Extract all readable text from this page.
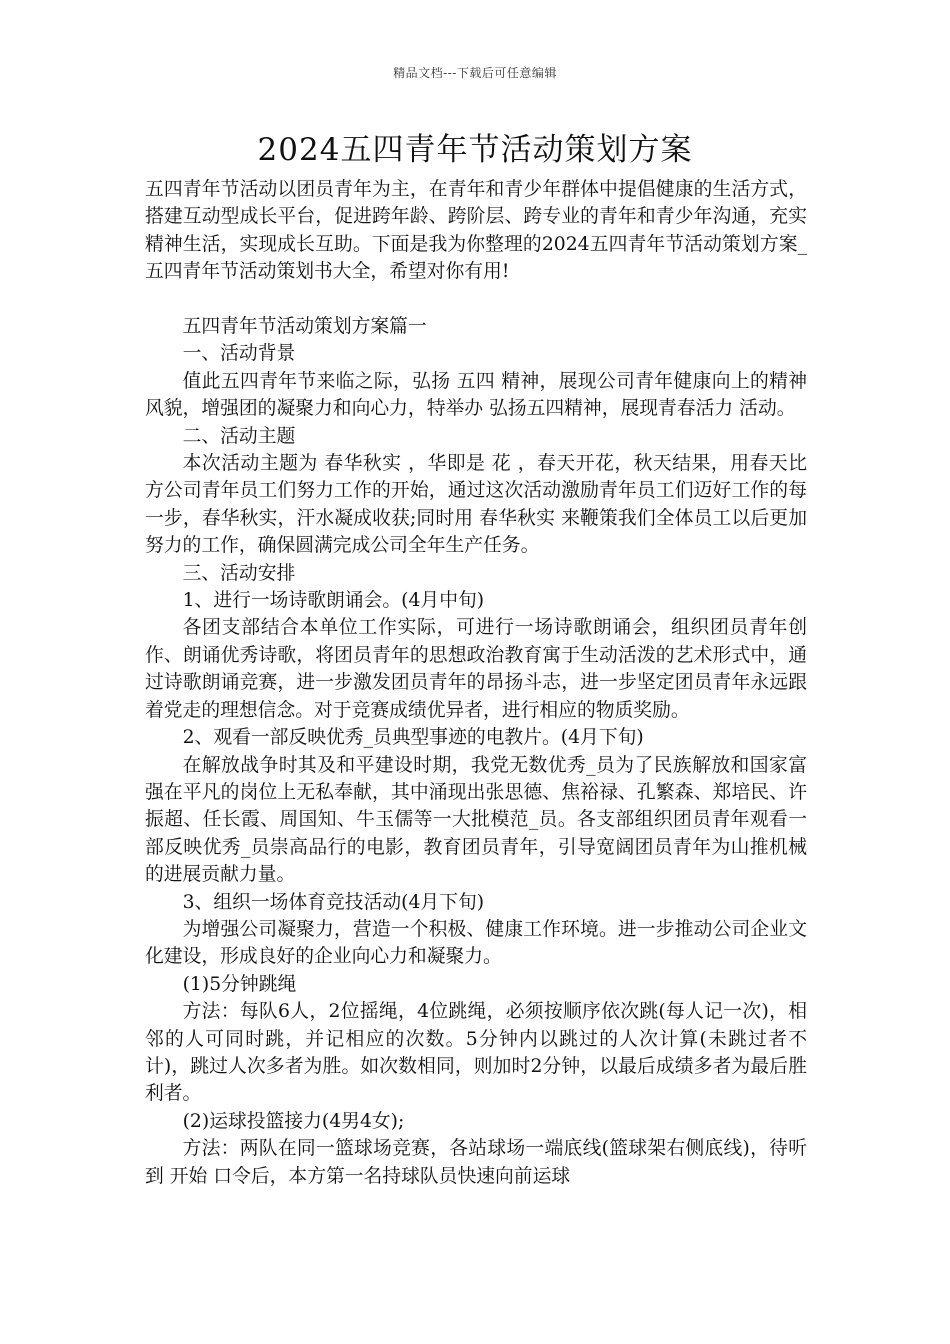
精品文档---下载后可任意编辑
2024五四青年节活动策划方案

五四青年节活动以团员青年为主，在青年和青少年群体中提倡健康的生活方式，搭建互动型成长平台，促进跨年龄、跨阶层、跨专业的青年和青少年沟通，充实精神生活，实现成长互助。下面是我为你整理的2024五四青年节活动策划方案_五四青年节活动策划书大全，希望对你有用!

五四青年节活动策划方案篇一

一、活动背景

值此五四青年节来临之际，弘扬 五四 精神，展现公司青年健康向上的精神风貌，增强团的凝聚力和向心力，特举办 弘扬五四精神，展现青春活力 活动。

二、活动主题

本次活动主题为 春华秋实 ，华即是 花 ，春天开花，秋天结果，用春天比方公司青年员工们努力工作的开始，通过这次活动激励青年员工们迈好工作的每一步，春华秋实，汗水凝成收获;同时用 春华秋实 来鞭策我们全体员工以后更加努力的工作，确保圆满完成公司全年生产任务。

三、活动安排

1、进行一场诗歌朗诵会。(4月中旬)

各团支部结合本单位工作实际，可进行一场诗歌朗诵会，组织团员青年创作、朗诵优秀诗歌，将团员青年的思想政治教育寓于生动活泼的艺术形式中，通过诗歌朗诵竞赛，进一步激发团员青年的昂扬斗志，进一步坚定团员青年永远跟着党走的理想信念。对于竞赛成绩优异者，进行相应的物质奖励。

2、观看一部反映优秀_员典型事迹的电教片。(4月下旬)

在解放战争时其及和平建设时期，我党无数优秀_员为了民族解放和国家富强在平凡的岗位上无私奉献，其中涌现出张思德、焦裕禄、孔繁森、郑培民、许振超、任长霞、周国知、牛玉儒等一大批模范_员。各支部组织团员青年观看一部反映优秀_员崇高品行的电影，教育团员青年，引导宽阔团员青年为山推机械的进展贡献力量。

3、组织一场体育竞技活动(4月下旬)

为增强公司凝聚力，营造一个积极、健康工作环境。进一步推动公司企业文化建设，形成良好的企业向心力和凝聚力。

(1)5分钟跳绳

方法：每队6人，2位摇绳，4位跳绳，必须按顺序依次跳(每人记一次)，相邻的人可同时跳，并记相应的次数。5分钟内以跳过的人次计算(未跳过者不计)，跳过人次多者为胜。如次数相同，则加时2分钟，以最后成绩多者为最后胜利者。

(2)运球投篮接力(4男4女);

方法：两队在同一篮球场竞赛，各站球场一端底线(篮球架右侧底线)，待听到 开始 口令后，本方第一名持球队员快速向前运球
